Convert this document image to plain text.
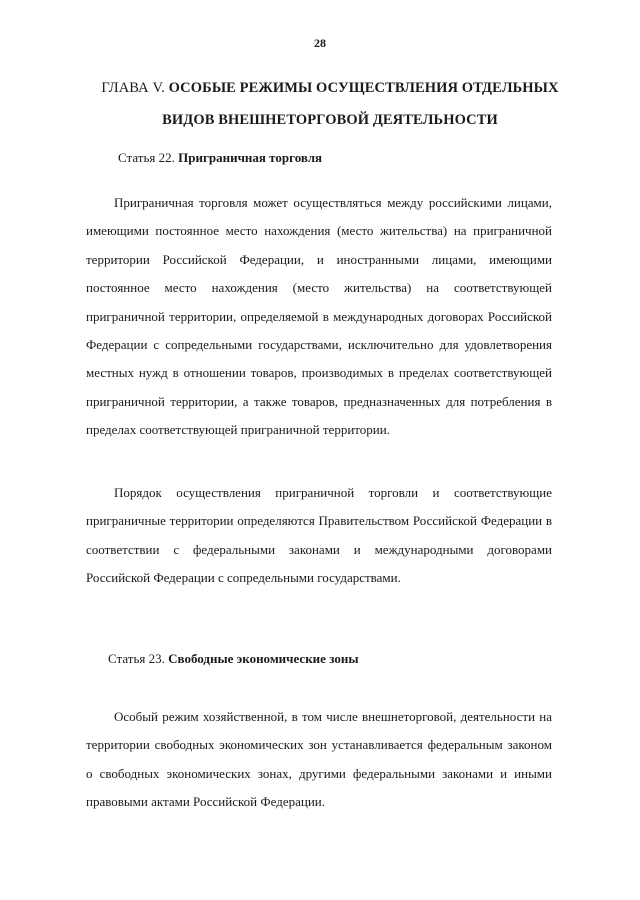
28
ГЛАВА V. ОСОБЫЕ РЕЖИМЫ ОСУЩЕСТВЛЕНИЯ ОТДЕЛЬНЫХ ВИДОВ ВНЕШНЕТОРГОВОЙ ДЕЯТЕЛЬНОСТИ
Статья 22. Приграничная торговля

Приграничная торговля может осуществляться между российскими лицами, имеющими постоянное место нахождения (место жительства) на приграничной территории Российской Федерации, и иностранными лицами, имеющими постоянное место нахождения (место жительства) на соответствующей приграничной территории, определяемой в международных договорах Российской Федерации с сопредельными государствами, исключительно для удовлетворения местных нужд в отношении товаров, производимых в пределах соответствующей приграничной территории, а также товаров, предназначенных для потребления в пределах соответствующей приграничной территории.

Порядок осуществления приграничной торговли и соответствующие приграничные территории определяются Правительством Российской Федерации в соответствии с федеральными законами и международными договорами Российской Федерации с сопредельными государствами.

Статья 23. Свободные экономические зоны

Особый режим хозяйственной, в том числе внешнеторговой, деятельности на территории свободных экономических зон устанавливается федеральным законом о свободных экономических зонах, другими федеральными законами и иными правовыми актами Российской Федерации.
